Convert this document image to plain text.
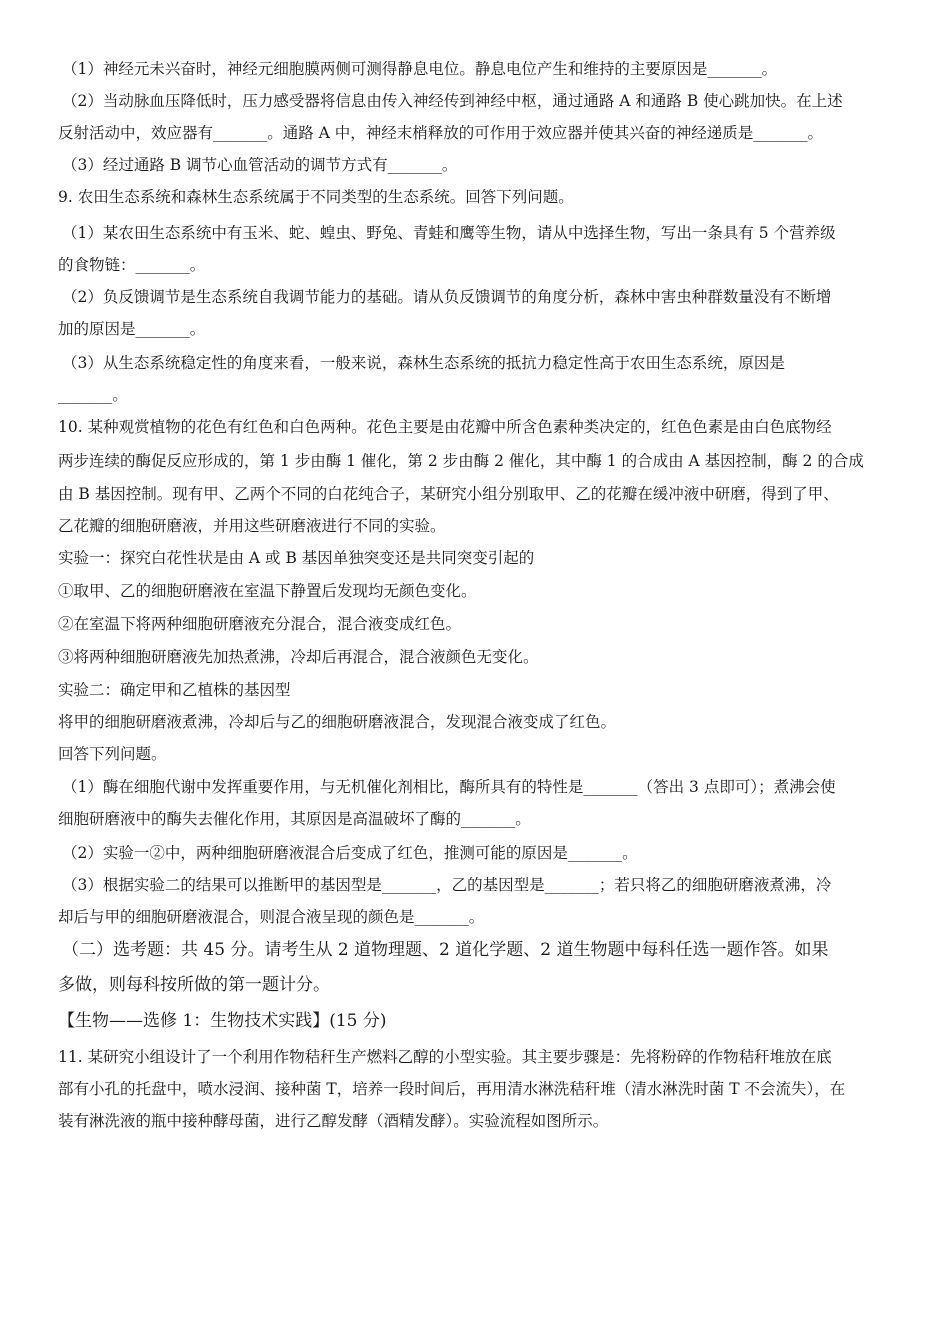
（1）神经元未兴奋时，神经元细胞膜两侧可测得静息电位。静息电位产生和维持的主要原因是_______。
（2）当动脉血压降低时，压力感受器将信息由传入神经传到神经中枢，通过通路 A 和通路 B 使心跳加快。在上述
反射活动中，效应器有_______。通路 A 中，神经末梢释放的可作用于效应器并使其兴奋的神经递质是_______。
（3）经过通路 B 调节心血管活动的调节方式有_______。
9. 农田生态系统和森林生态系统属于不同类型的生态系统。回答下列问题。
（1）某农田生态系统中有玉米、蛇、蝗虫、野兔、青蛙和鹰等生物，请从中选择生物，写出一条具有 5 个营养级
的食物链：_______。
（2）负反馈调节是生态系统自我调节能力的基础。请从负反馈调节的角度分析，森林中害虫种群数量没有不断增
加的原因是_______。
（3）从生态系统稳定性的角度来看，一般来说，森林生态系统的抵抗力稳定性高于农田生态系统，原因是
_______。
10. 某种观赏植物的花色有红色和白色两种。花色主要是由花瓣中所含色素种类决定的，红色色素是由白色底物经
两步连续的酶促反应形成的，第 1 步由酶 1 催化，第 2 步由酶 2 催化，其中酶 1 的合成由 A 基因控制，酶 2 的合成
由 B 基因控制。现有甲、乙两个不同的白花纯合子，某研究小组分别取甲、乙的花瓣在缓冲液中研磨，得到了甲、
乙花瓣的细胞研磨液，并用这些研磨液进行不同的实验。
实验一：探究白花性状是由 A 或 B 基因单独突变还是共同突变引起的
①取甲、乙的细胞研磨液在室温下静置后发现均无颜色变化。
②在室温下将两种细胞研磨液充分混合，混合液变成红色。
③将两种细胞研磨液先加热煮沸，冷却后再混合，混合液颜色无变化。
实验二：确定甲和乙植株的基因型
将甲的细胞研磨液煮沸，冷却后与乙的细胞研磨液混合，发现混合液变成了红色。
回答下列问题。
（1）酶在细胞代谢中发挥重要作用，与无机催化剂相比，酶所具有的特性是_______（答出 3 点即可）；煮沸会使
细胞研磨液中的酶失去催化作用，其原因是高温破坏了酶的_______。
（2）实验一②中，两种细胞研磨液混合后变成了红色，推测可能的原因是_______。
（3）根据实验二的结果可以推断甲的基因型是_______，乙的基因型是_______；若只将乙的细胞研磨液煮沸，冷
却后与甲的细胞研磨液混合，则混合液呈现的颜色是_______。
（二）选考题：共 45 分。请考生从 2 道物理题、2 道化学题、2 道生物题中每科任选一题作答。如果
多做，则每科按所做的第一题计分。
【生物——选修 1：生物技术实践】(15 分)
11. 某研究小组设计了一个利用作物秸秆生产燃料乙醇的小型实验。其主要步骤是：先将粉碎的作物秸秆堆放在底
部有小孔的托盘中，喷水浸润、接种菌 T，培养一段时间后，再用清水淋洗秸秆堆（清水淋洗时菌 T 不会流失），在
装有淋洗液的瓶中接种酵母菌，进行乙醇发酵（酒精发酵）。实验流程如图所示。
